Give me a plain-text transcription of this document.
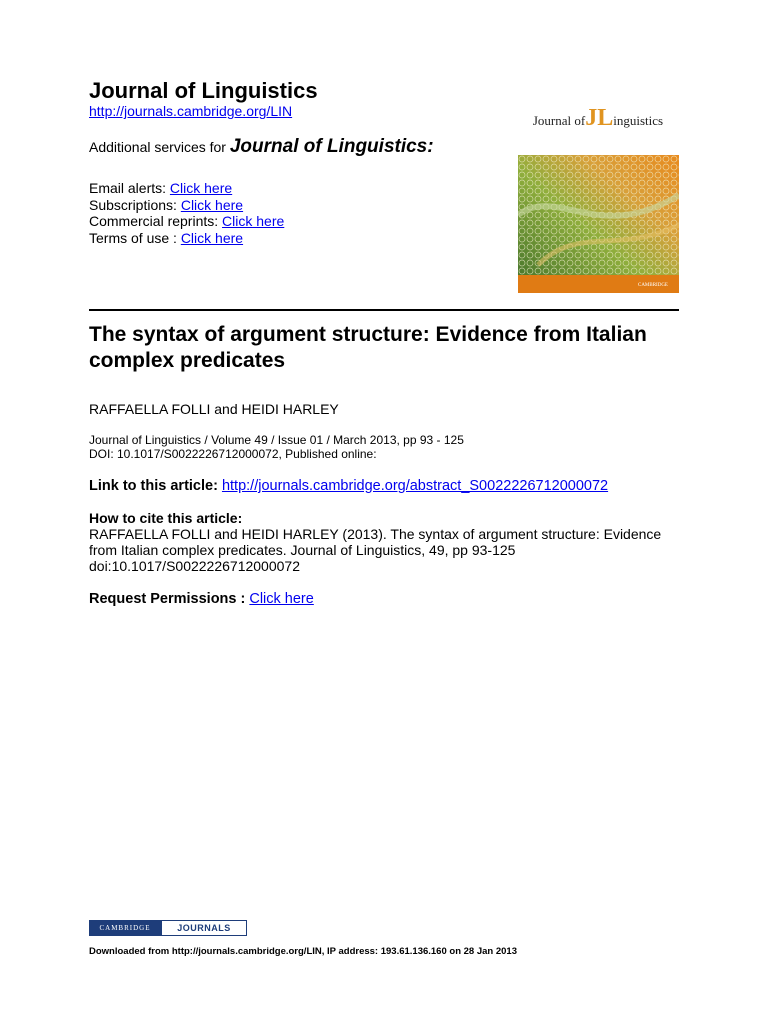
Journal of Linguistics
http://journals.cambridge.org/LIN
Additional services for Journal of Linguistics:
Email alerts: Click here
Subscriptions: Click here
Commercial reprints: Click here
Terms of use : Click here
Journal ofJLinguistics
CAMBRIDGE
The syntax of argument structure: Evidence from Italian complex predicates
RAFFAELLA FOLLI and HEIDI HARLEY
Journal of Linguistics / Volume 49 / Issue 01 / March 2013, pp 93 - 125
DOI: 10.1017/S0022226712000072, Published online:
Link to this article: http://journals.cambridge.org/abstract_S0022226712000072
How to cite this article:
RAFFAELLA FOLLI and HEIDI HARLEY (2013). The syntax of argument structure: Evidence from Italian complex predicates. Journal of Linguistics, 49, pp 93-125 doi:10.1017/S0022226712000072
Request Permissions : Click here
CAMBRIDGE	JOURNALS
Downloaded from http://journals.cambridge.org/LIN, IP address: 193.61.136.160 on 28 Jan 2013
